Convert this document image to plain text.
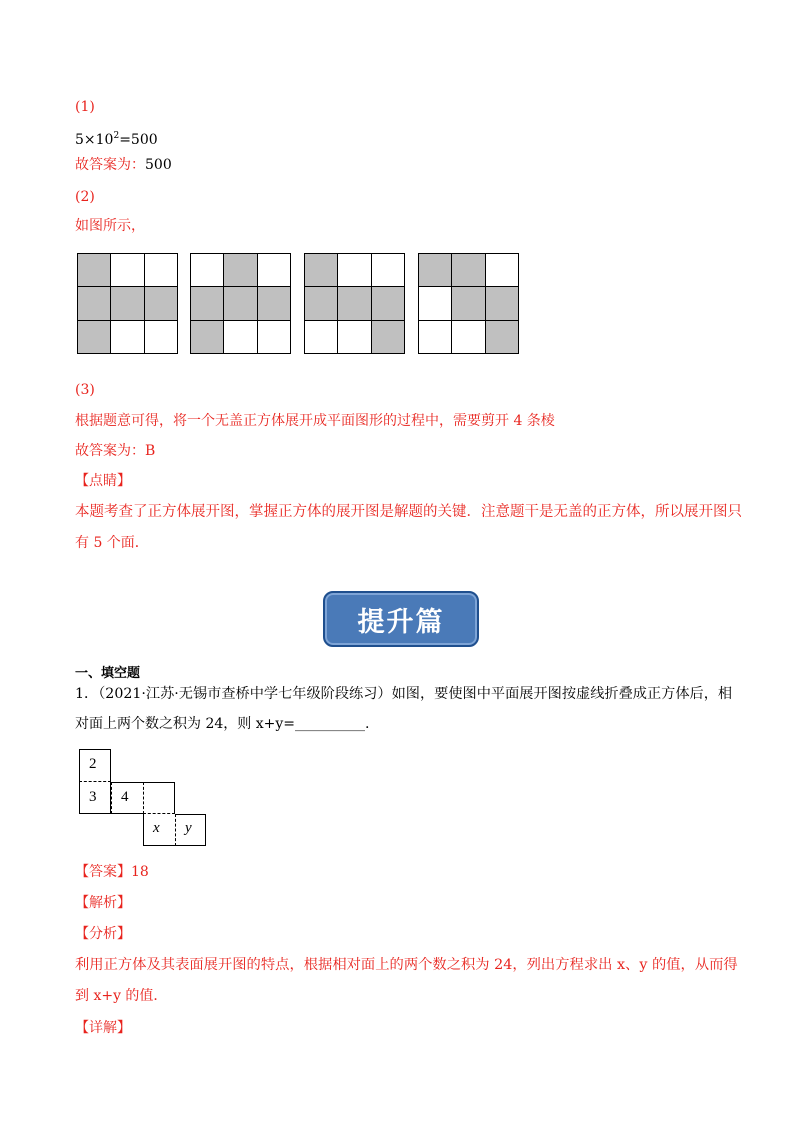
(1)
$5\times 10^2=500$
故答案为：500
(2)
如图所示，
(3)
根据题意可得，将一个无盖正方体展开成平面图形的过程中，需要剪开 4 条棱
故答案为：B
【点睛】
本题考查了正方体展开图，掌握正方体的展开图是解题的关键．注意题干是无盖的正方体，所以展开图只
有 5 个面．
提升篇
一、填空题
1．（2021·江苏·无锡市查桥中学七年级阶段练习）如图，要使图中平面展开图按虚线折叠成正方体后，相
对面上两个数之积为 24，则 x+y=__________.
2
3 4
x y
【答案】18
【解析】
【分析】
利用正方体及其表面展开图的特点，根据相对面上的两个数之积为 24，列出方程求出 x、y 的值，从而得
到 x+y 的值．
【详解】
